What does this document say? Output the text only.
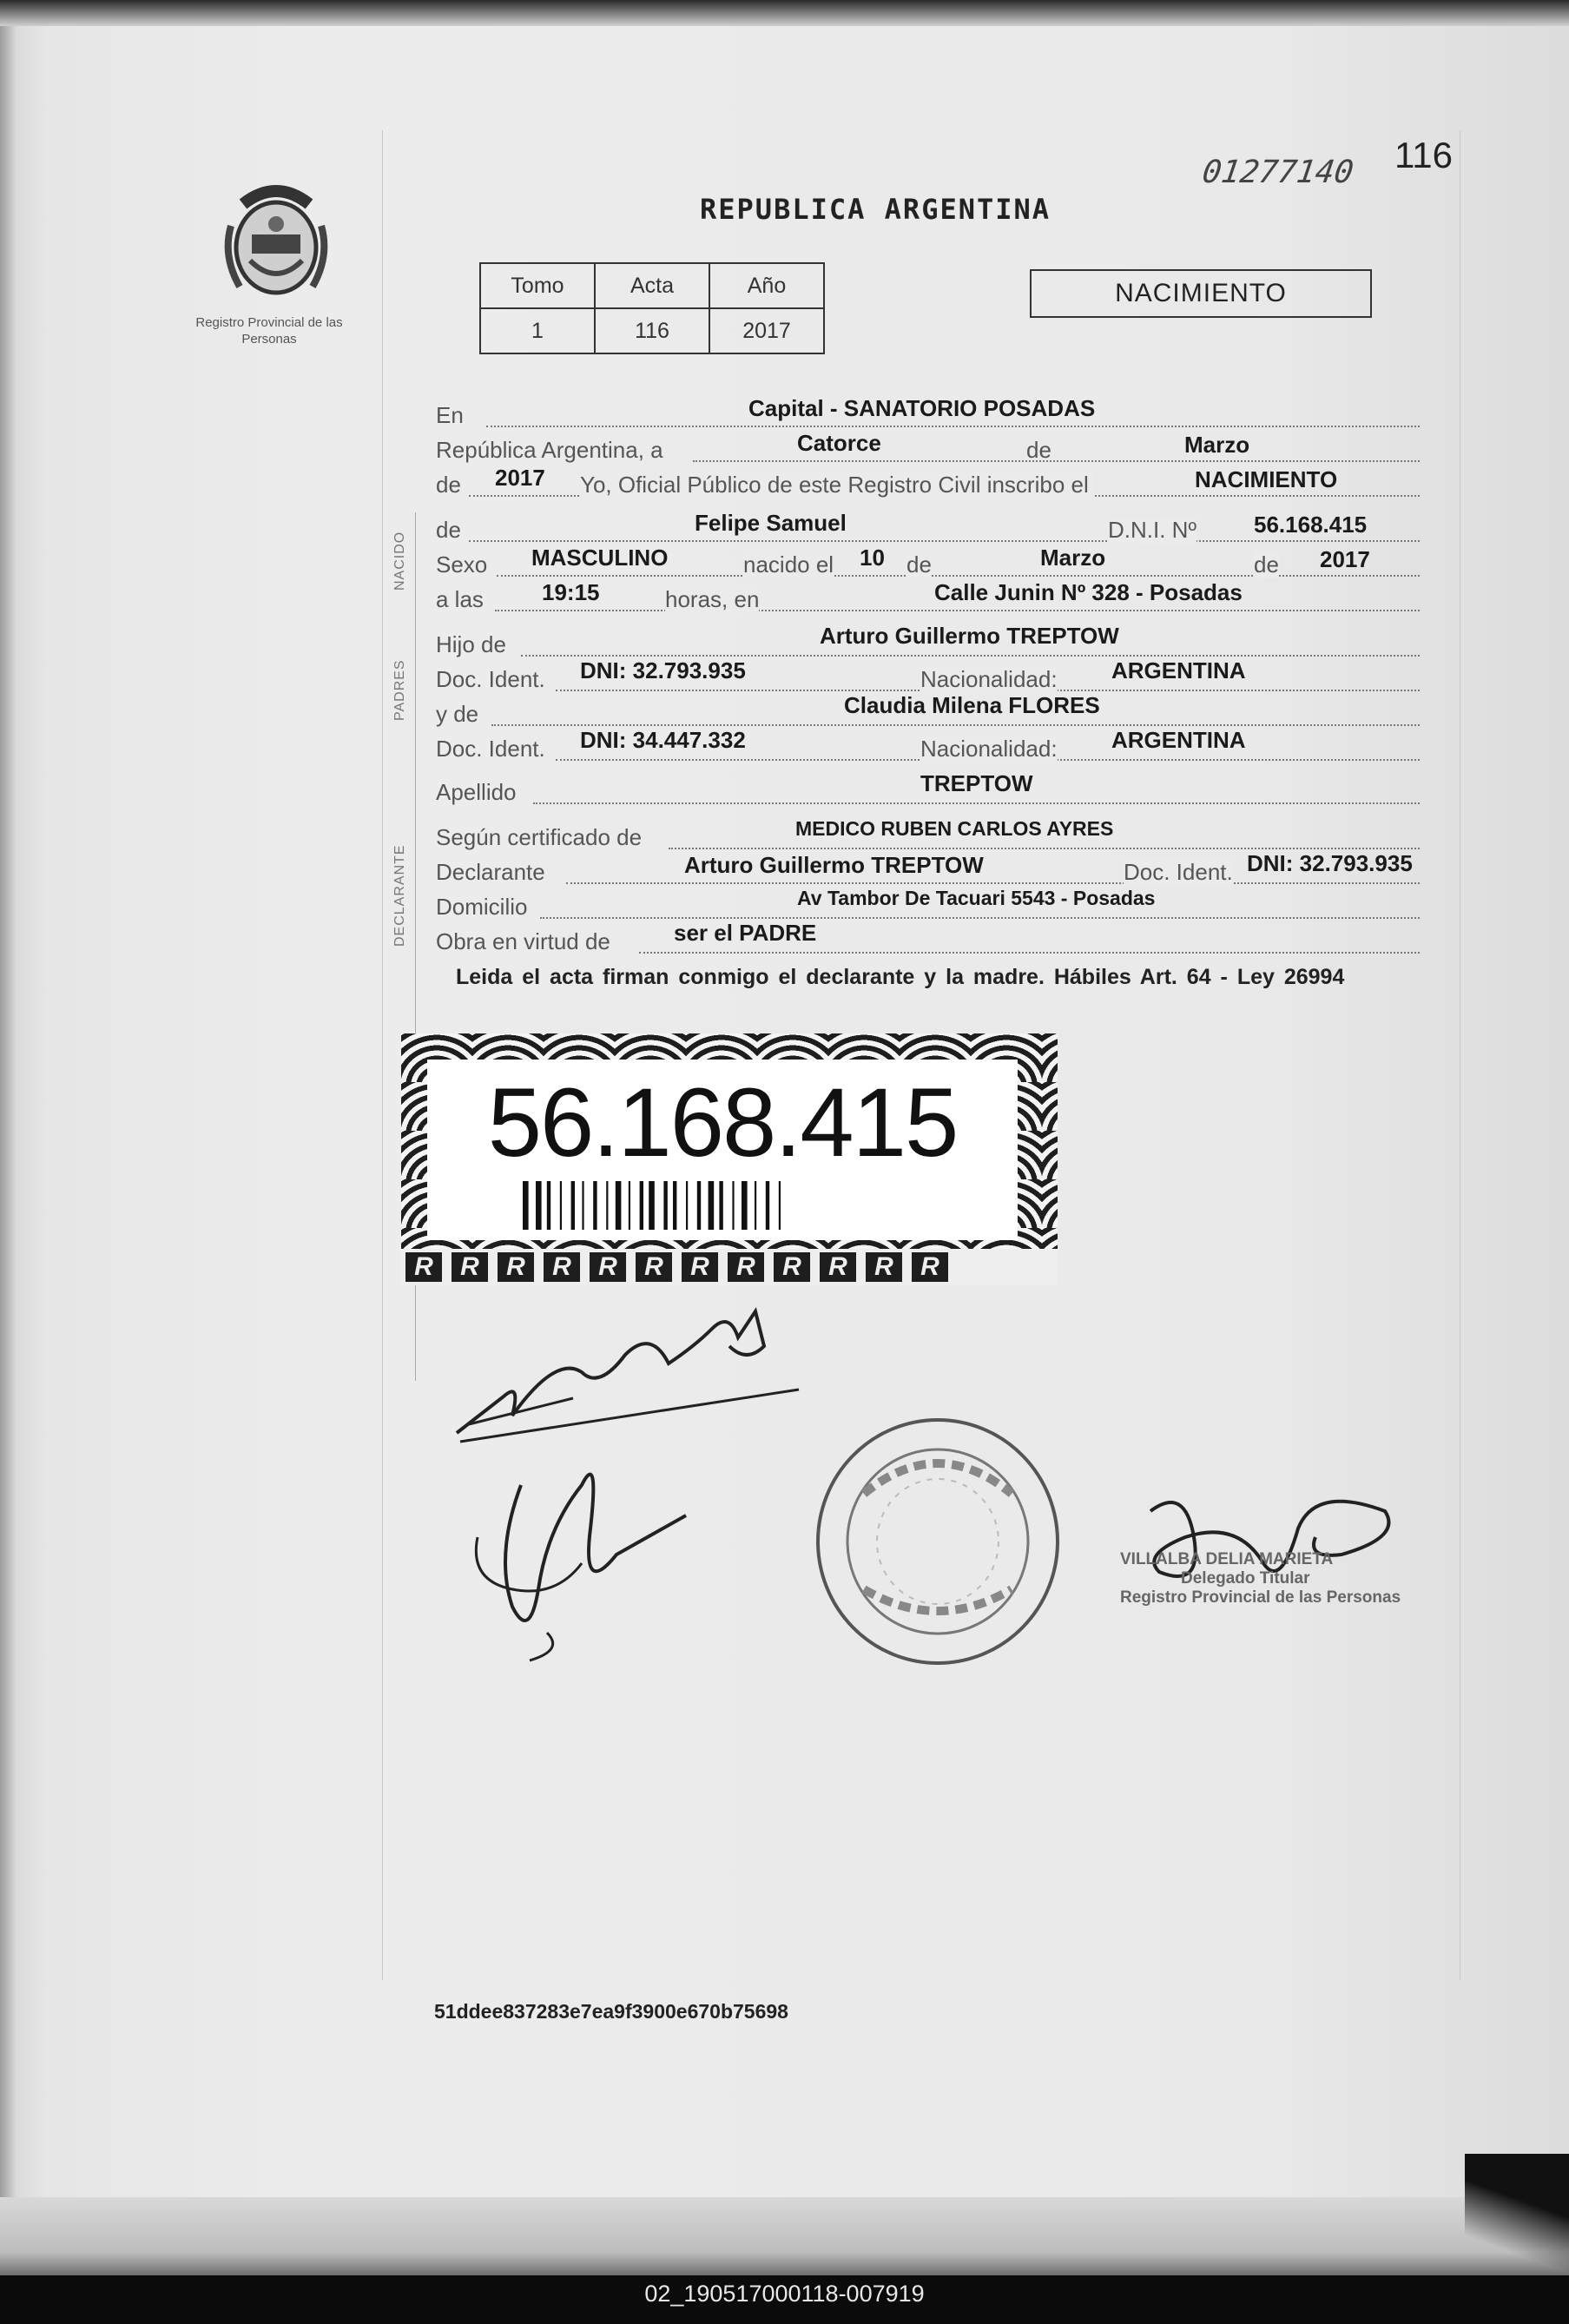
Registro Provincial de las Personas
01277140 116
REPUBLICA ARGENTINA
Tomo	Acta	Año
1	116	2017
NACIMIENTO
NACIDO
PADRES
DECLARANTE
En	Capital - SANATORIO POSADAS
República Argentina, a	Catorce	de	Marzo
de 2017 Yo, Oficial Público de este Registro Civil inscribo el	NACIMIENTO
de	Felipe Samuel	D.N.I. Nº	56.168.415
Sexo MASCULINO	nacido el 10 de	Marzo	de 2017
a las	19:15	horas, en	Calle Junin Nº 328 - Posadas
Hijo de	Arturo Guillermo TREPTOW
Doc. Ident. DNI: 32.793.935	Nacionalidad: ARGENTINA
y de	Claudia Milena FLORES
Doc. Ident. DNI: 34.447.332	Nacionalidad: ARGENTINA
Apellido	TREPTOW
Según certificado de	MEDICO RUBEN CARLOS AYRES
Declarante	Arturo Guillermo TREPTOW	Doc. Ident. DNI: 32.793.935
Domicilio	Av Tambor De Tacuari 5543 - Posadas
Obra en virtud de	ser el PADRE
Leida el acta firman conmigo el declarante y la madre. Hábiles Art. 64 - Ley 26994
56.168.415
R R R R R R R R R R R R
VILLALBA DELIA MARIETA
Delegado Titular
Registro Provincial de las Personas
51ddee837283e7ea9f3900e670b75698
02_190517000118-007919
